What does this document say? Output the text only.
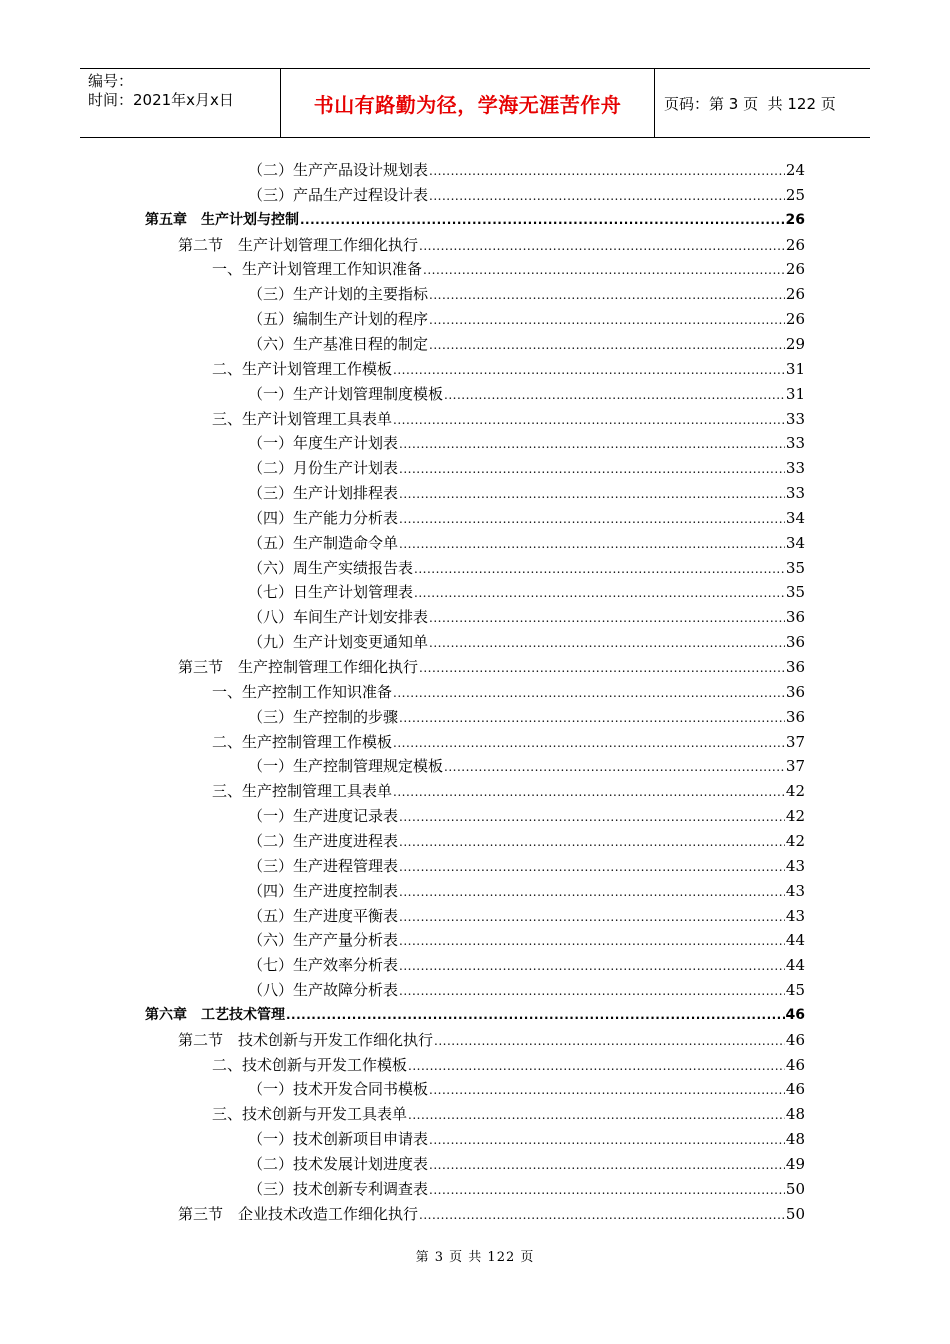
编号：
时间：2021年x月x日	书山有路勤为径，学海无涯苦作舟	页码：第 3 页  共 122 页
（二）生产产品设计规划表 .....	24
（三）产品生产过程设计表 .....	25
第五章　生产计划与控制 .....	26
第二节　生产计划管理工作细化执行 .....	26
一、生产计划管理工作知识准备 .....	26
（三）生产计划的主要指标 .....	26
（五）编制生产计划的程序 .....	26
（六）生产基准日程的制定 .....	29
二、生产计划管理工作模板 .....	31
（一）生产计划管理制度模板 .....	31
三、生产计划管理工具表单 .....	33
（一）年度生产计划表 .....	33
（二）月份生产计划表 .....	33
（三）生产计划排程表 .....	33
（四）生产能力分析表 .....	34
（五）生产制造命令单 .....	34
（六）周生产实绩报告表 .....	35
（七）日生产计划管理表 .....	35
（八）车间生产计划安排表 .....	36
（九）生产计划变更通知单 .....	36
第三节　生产控制管理工作细化执行 .....	36
一、生产控制工作知识准备 .....	36
（三）生产控制的步骤 .....	36
二、生产控制管理工作模板 .....	37
（一）生产控制管理规定模板 .....	37
三、生产控制管理工具表单 .....	42
（一）生产进度记录表 .....	42
（二）生产进度进程表 .....	42
（三）生产进程管理表 .....	43
（四）生产进度控制表 .....	43
（五）生产进度平衡表 .....	43
（六）生产产量分析表 .....	44
（七）生产效率分析表 .....	44
（八）生产故障分析表 .....	45
第六章　工艺技术管理 .....	46
第二节　技术创新与开发工作细化执行 .....	46
二、技术创新与开发工作模板 .....	46
（一）技术开发合同书模板 .....	46
三、技术创新与开发工具表单 .....	48
（一）技术创新项目申请表 .....	48
（二）技术发展计划进度表 .....	49
（三）技术创新专利调查表 .....	50
第三节　企业技术改造工作细化执行 .....	50
第 3 页 共 122 页
